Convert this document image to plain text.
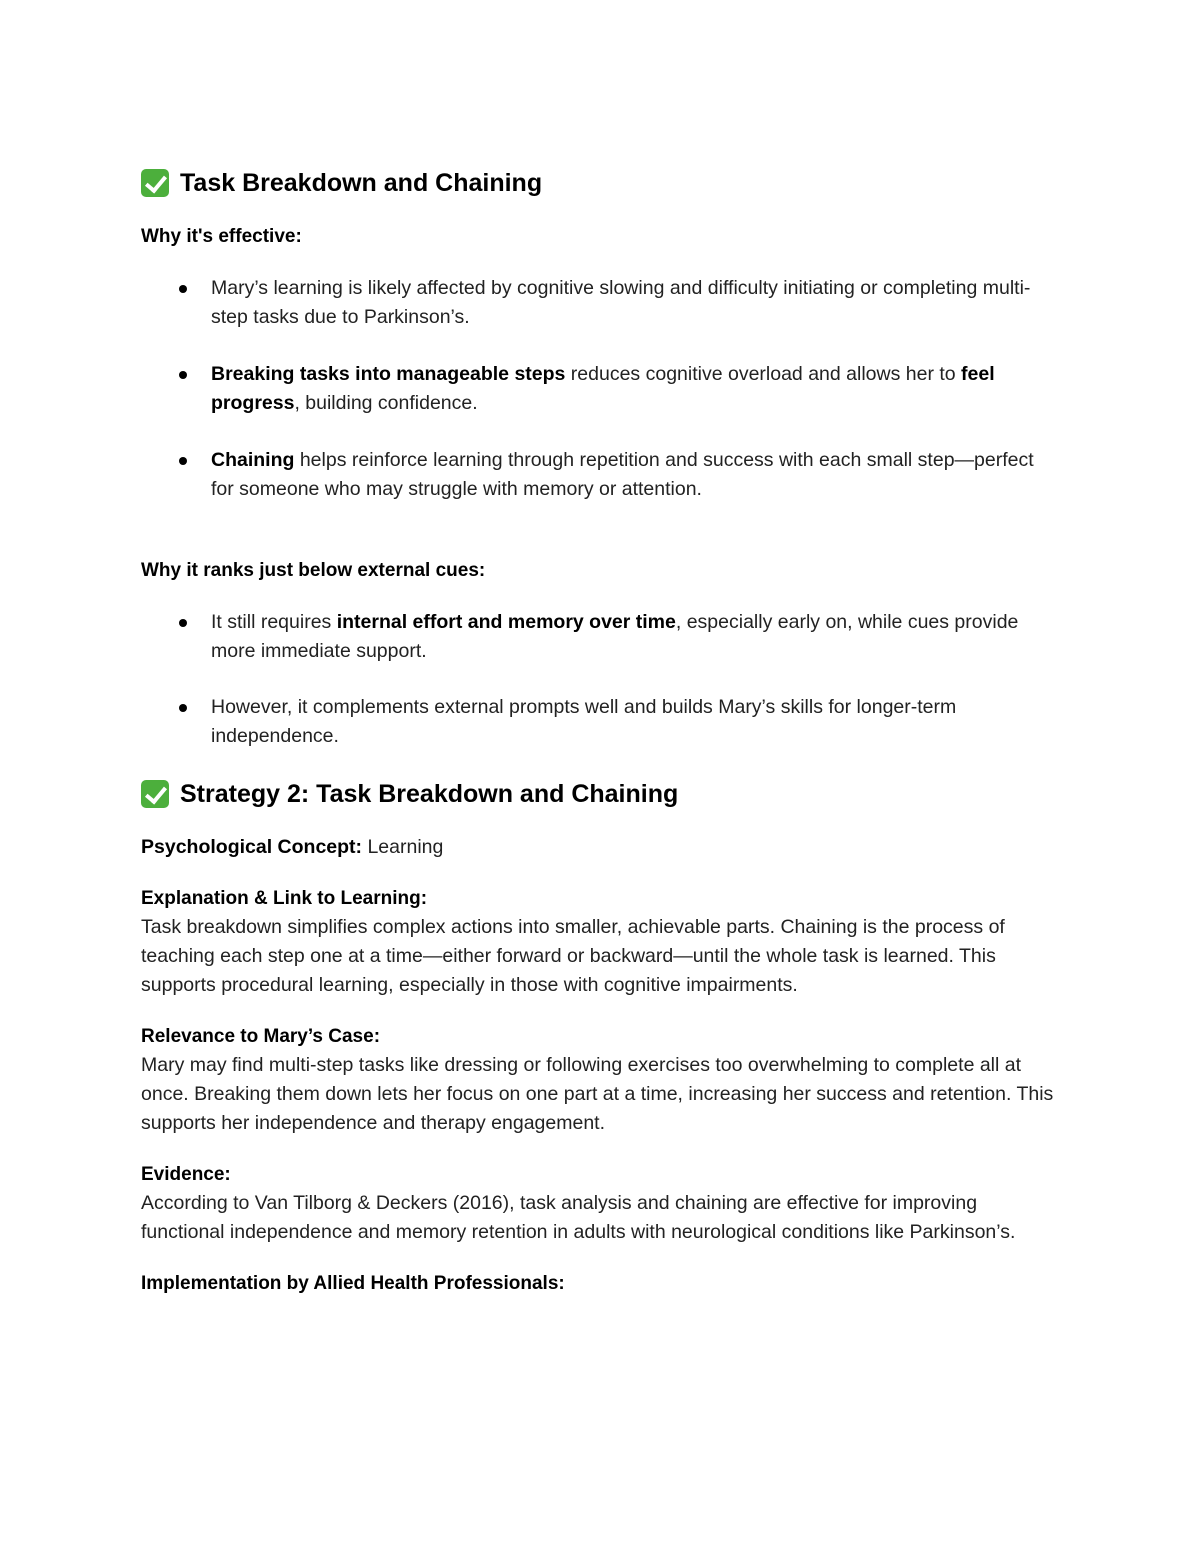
Task Breakdown and Chaining

Why it's effective:

Mary’s learning is likely affected by cognitive slowing and difficulty initiating or completing multi-step tasks due to Parkinson’s.
Breaking tasks into manageable steps reduces cognitive overload and allows her to feel progress, building confidence.
Chaining helps reinforce learning through repetition and success with each small step—perfect for someone who may struggle with memory or attention.

Why it ranks just below external cues:

It still requires internal effort and memory over time, especially early on, while cues provide more immediate support.
However, it complements external prompts well and builds Mary’s skills for longer-term independence.
Strategy 2: Task Breakdown and Chaining

Psychological Concept: Learning

Explanation & Link to Learning:

Task breakdown simplifies complex actions into smaller, achievable parts. Chaining is the process of teaching each step one at a time—either forward or backward—until the whole task is learned. This supports procedural learning, especially in those with cognitive impairments.

Relevance to Mary’s Case:

Mary may find multi-step tasks like dressing or following exercises too overwhelming to complete all at once. Breaking them down lets her focus on one part at a time, increasing her success and retention. This supports her independence and therapy engagement.

Evidence:

According to Van Tilborg & Deckers (2016), task analysis and chaining are effective for improving functional independence and memory retention in adults with neurological conditions like Parkinson’s.

Implementation by Allied Health Professionals:
